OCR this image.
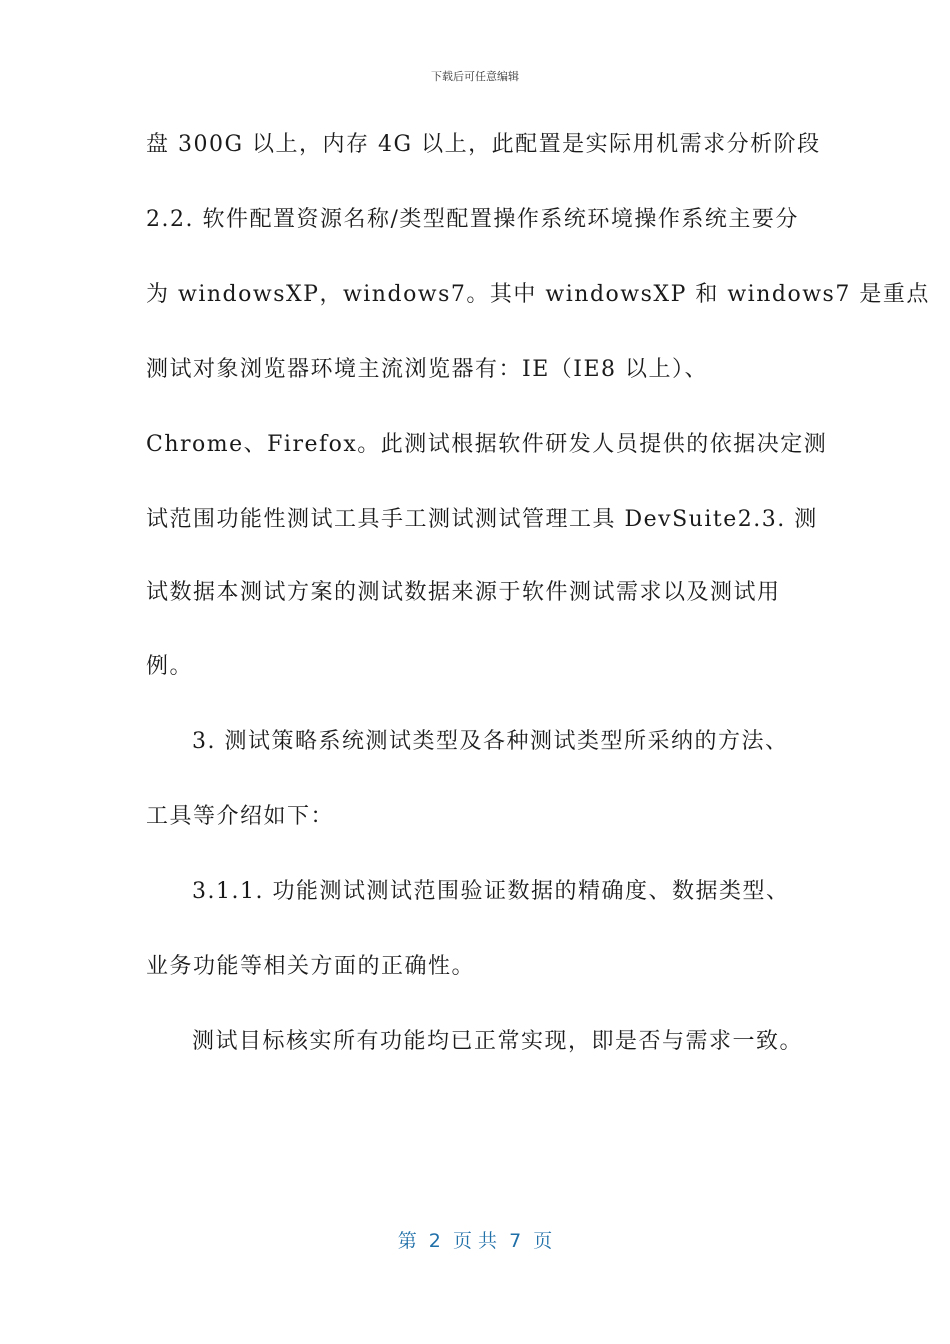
下载后可任意编辑
盘 300G 以上，内存 4G 以上，此配置是实际用机需求分析阶段
2.2. 软件配置资源名称/类型配置操作系统环境操作系统主要分
为 windowsXP，windows7。其中 windowsXP 和 windows7 是重点
测试对象浏览器环境主流浏览器有：IE（IE8 以上）、
Chrome、Firefox。此测试根据软件研发人员提供的依据决定测
试范围功能性测试工具手工测试测试管理工具 DevSuite2.3. 测
试数据本测试方案的测试数据来源于软件测试需求以及测试用
例。
3. 测试策略系统测试类型及各种测试类型所采纳的方法、
工具等介绍如下：
3.1.1. 功能测试测试范围验证数据的精确度、数据类型、
业务功能等相关方面的正确性。
测试目标核实所有功能均已正常实现，即是否与需求一致。
第  2  页 共  7  页
